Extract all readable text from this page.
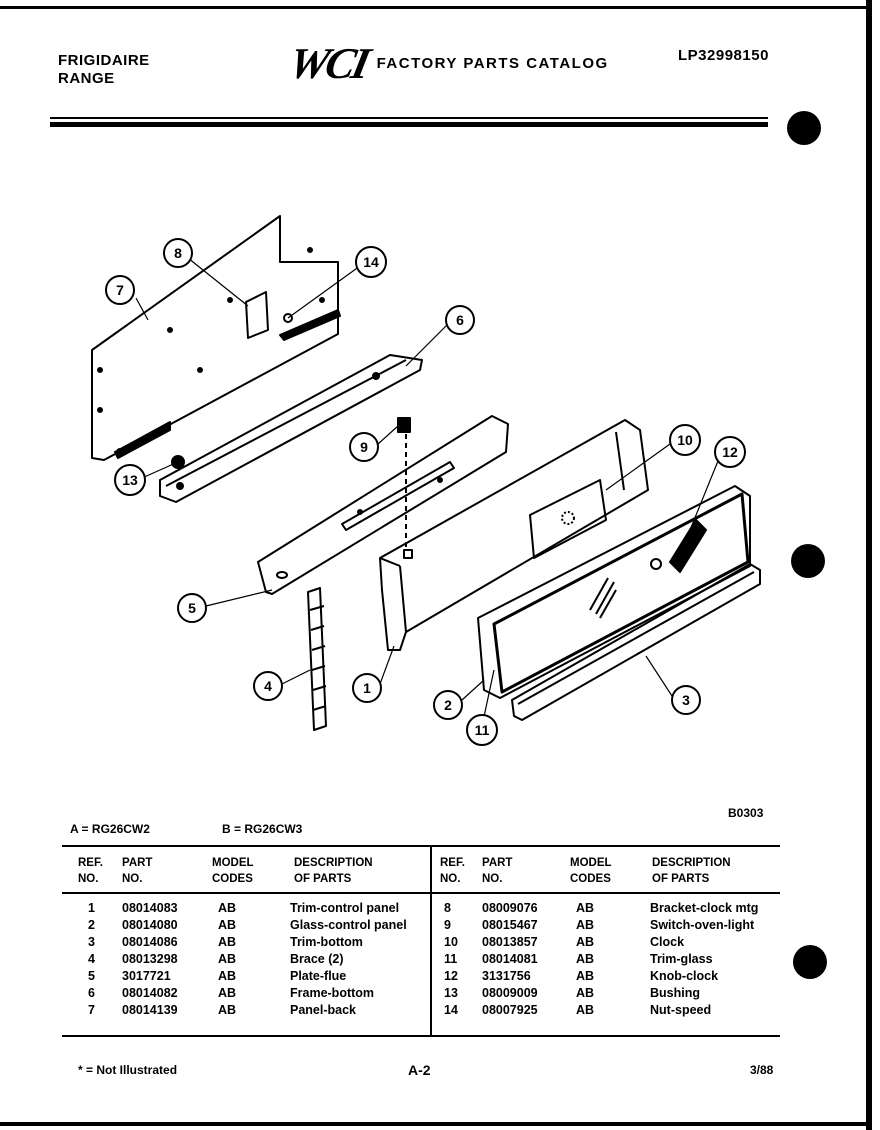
FRIGIDAIRE
RANGE	WCI FACTORY PARTS CATALOG	LP32998150
7
8
14
6
9	10
12
13
5
4	1
2
11
3
B0303
A = RG26CW2	B = RG26CW3
REF.
NO.
PART
NO.
MODEL
CODES
DESCRIPTION
OF PARTS
REF.
NO.
PART
NO.
MODEL
CODES
DESCRIPTION
OF PARTS
1 08014083	AB	Trim-control panel
2 08014080	AB	Glass-control panel
3 08014086	AB	Trim-bottom
4 08013298	AB	Brace (2)
5 3017721	AB	Plate-flue
6 08014082	AB	Frame-bottom
7 08014139	AB	Panel-back
8 08009076	AB	Bracket-clock mtg
9 08015467	AB	Switch-oven-light
10 08013857	AB	Clock
11 08014081	AB	Trim-glass
12 3131756	AB	Knob-clock
13 08009009	AB	Bushing
14 08007925	AB	Nut-speed
* = Not Illustrated	A-2	3/88
